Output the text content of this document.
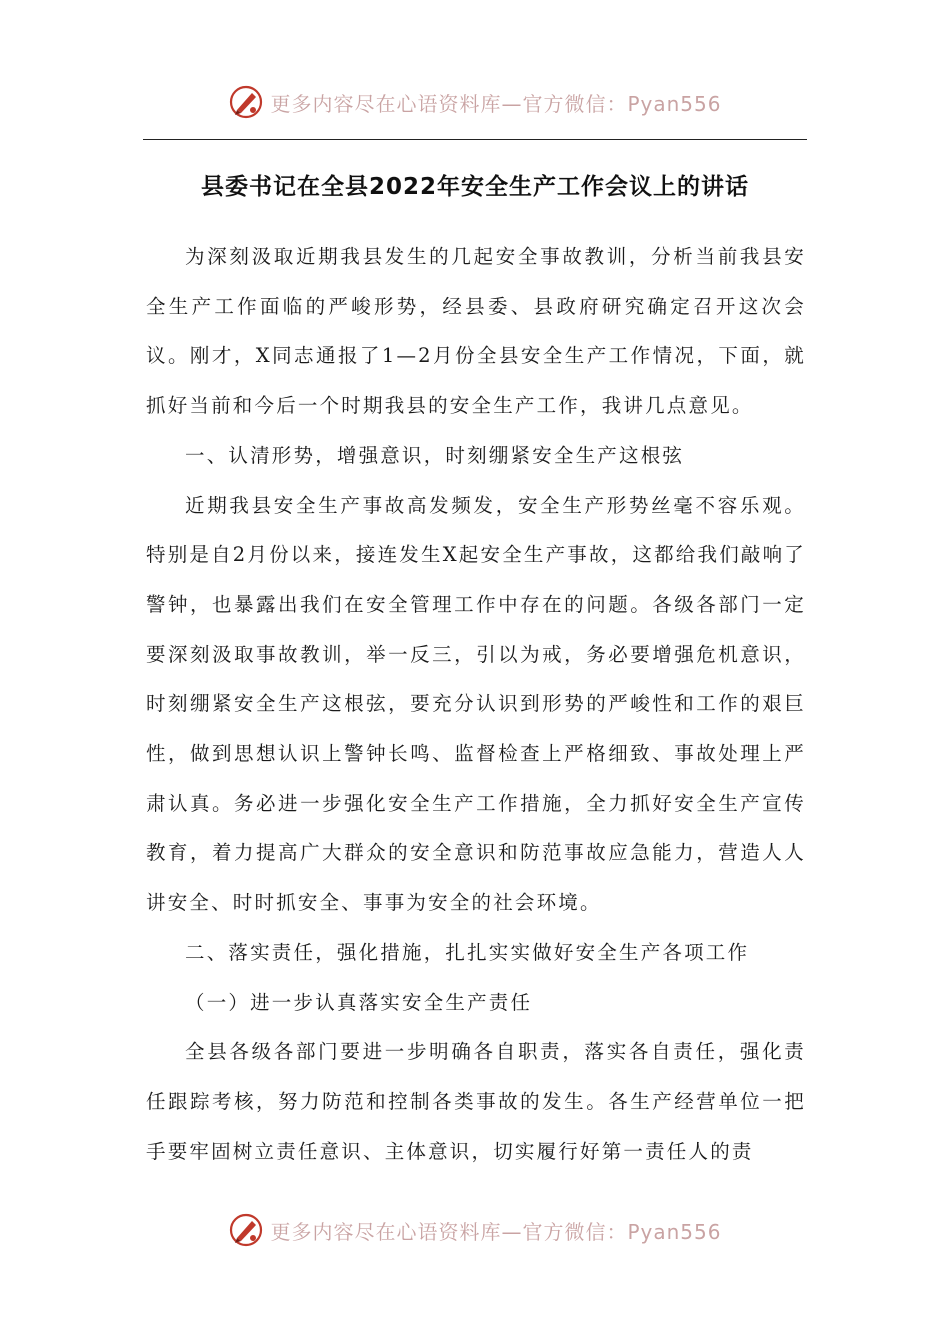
更多内容尽在心语资料库—官方微信：Pyan556
县委书记在全县2022年安全生产工作会议上的讲话

为深刻汲取近期我县发生的几起安全事故教训，分析当前我县安全生产工作面临的严峻形势，经县委、县政府研究确定召开这次会议。刚才，X同志通报了1—2月份全县安全生产工作情况，下面，就抓好当前和今后一个时期我县的安全生产工作，我讲几点意见。

一、认清形势，增强意识，时刻绷紧安全生产这根弦

近期我县安全生产事故高发频发，安全生产形势丝毫不容乐观。特别是自2月份以来，接连发生X起安全生产事故，这都给我们敲响了警钟，也暴露出我们在安全管理工作中存在的问题。各级各部门一定要深刻汲取事故教训，举一反三，引以为戒，务必要增强危机意识，时刻绷紧安全生产这根弦，要充分认识到形势的严峻性和工作的艰巨性，做到思想认识上警钟长鸣、监督检查上严格细致、事故处理上严肃认真。务必进一步强化安全生产工作措施，全力抓好安全生产宣传教育，着力提高广大群众的安全意识和防范事故应急能力，营造人人讲安全、时时抓安全、事事为安全的社会环境。

二、落实责任，强化措施，扎扎实实做好安全生产各项工作

（一）进一步认真落实安全生产责任

全县各级各部门要进一步明确各自职责，落实各自责任，强化责任跟踪考核，努力防范和控制各类事故的发生。各生产经营单位一把手要牢固树立责任意识、主体意识，切实履行好第一责任人的责

更多内容尽在心语资料库—官方微信：Pyan556
